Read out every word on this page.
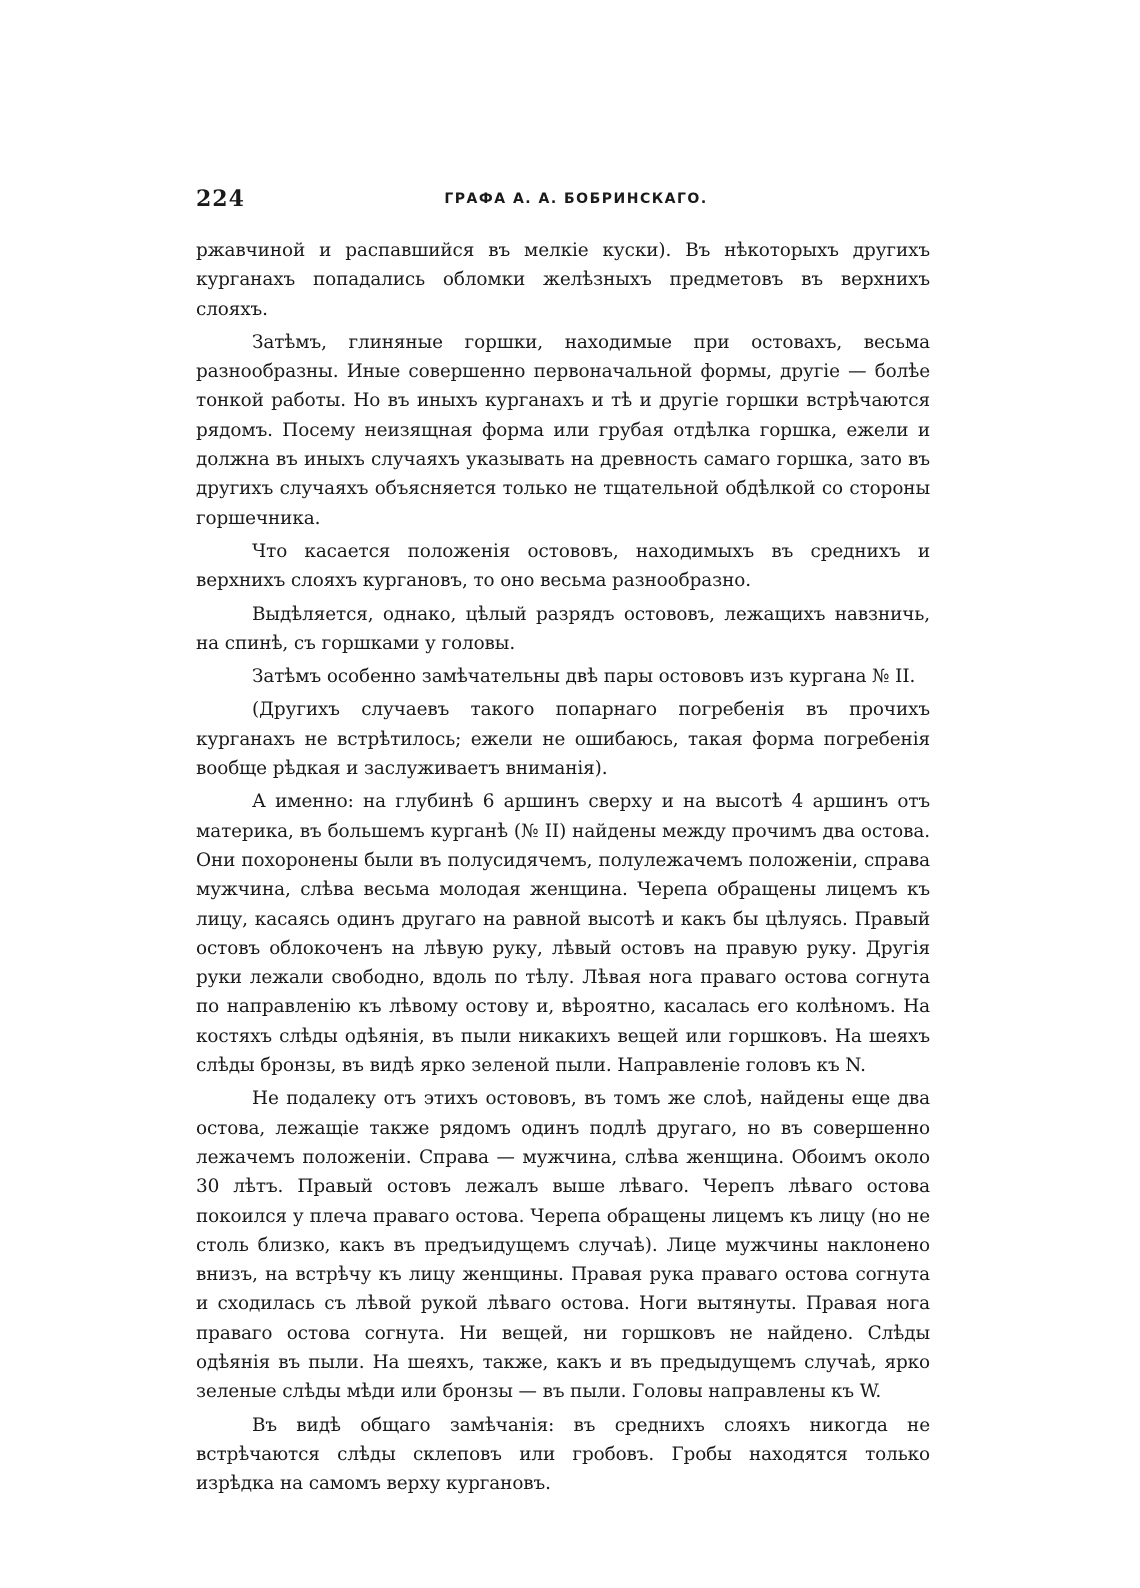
224	ГРАФА А. А. БОБРИНСКАГО.

ржавчиной и распавшийся въ мелкіе куски). Въ нѣкоторыхъ другихъ курганахъ попадались обломки желѣзныхъ предметовъ въ верхнихъ слояхъ.

Затѣмъ, глиняные горшки, находимые при остовахъ, весьма разнообразны. Иные совершенно первоначальной формы, другіе — болѣе тонкой работы. Но въ иныхъ курганахъ и тѣ и другіе горшки встрѣчаются рядомъ. Посему неизящная форма или грубая отдѣлка горшка, ежели и должна въ иныхъ случаяхъ указывать на древность самаго горшка, зато въ другихъ случаяхъ объясняется только не тщательной обдѣлкой со стороны горшечника.

Что касается положенія остововъ, находимыхъ въ среднихъ и верхнихъ слояхъ кургановъ, то оно весьма разнообразно.

Выдѣляется, однако, цѣлый разрядъ остововъ, лежащихъ навзничь, на спинѣ, съ горшками у головы.

Затѣмъ особенно замѣчательны двѣ пары остововъ изъ кургана № II.

(Другихъ случаевъ такого попарнаго погребенія въ прочихъ курганахъ не встрѣтилось; ежели не ошибаюсь, такая форма погребенія вообще рѣдкая и заслуживаетъ вниманія).

А именно: на глубинѣ 6 аршинъ сверху и на высотѣ 4 аршинъ отъ материка, въ большемъ курганѣ (№ II) найдены между прочимъ два остова. Они похоронены были въ полусидячемъ, полулежачемъ положеніи, справа мужчина, слѣва весьма молодая женщина. Черепа обращены лицемъ къ лицу, касаясь одинъ другаго на равной высотѣ и какъ бы цѣлуясь. Правый остовъ облокоченъ на лѣвую руку, лѣвый остовъ на правую руку. Другія руки лежали свободно, вдоль по тѣлу. Лѣвая нога праваго остова согнута по направленію къ лѣвому остову и, вѣроятно, касалась его колѣномъ. На костяхъ слѣды одѣянія, въ пыли никакихъ вещей или горшковъ. На шеяхъ слѣды бронзы, въ видѣ ярко зеленой пыли. Направленіе головъ къ N.

Не подалеку отъ этихъ остововъ, въ томъ же слоѣ, найдены еще два остова, лежащіе также рядомъ одинъ подлѣ другаго, но въ совершенно лежачемъ положеніи. Справа — мужчина, слѣва женщина. Обоимъ около 30 лѣтъ. Правый остовъ лежалъ выше лѣваго. Черепъ лѣваго остова покоился у плеча праваго остова. Черепа обращены лицемъ къ лицу (но не столь близко, какъ въ предъидущемъ случаѣ). Лице мужчины наклонено внизъ, на встрѣчу къ лицу женщины. Правая рука праваго остова согнута и сходилась съ лѣвой рукой лѣваго остова. Ноги вытянуты. Правая нога праваго остова согнута. Ни вещей, ни горшковъ не найдено. Слѣды одѣянія въ пыли. На шеяхъ, также, какъ и въ предыдущемъ случаѣ, ярко зеленые слѣды мѣди или бронзы — въ пыли. Головы направлены къ W.

Въ видѣ общаго замѣчанія: въ среднихъ слояхъ никогда не встрѣчаются слѣды склеповъ или гробовъ. Гробы находятся только изрѣдка на самомъ верху кургановъ.
